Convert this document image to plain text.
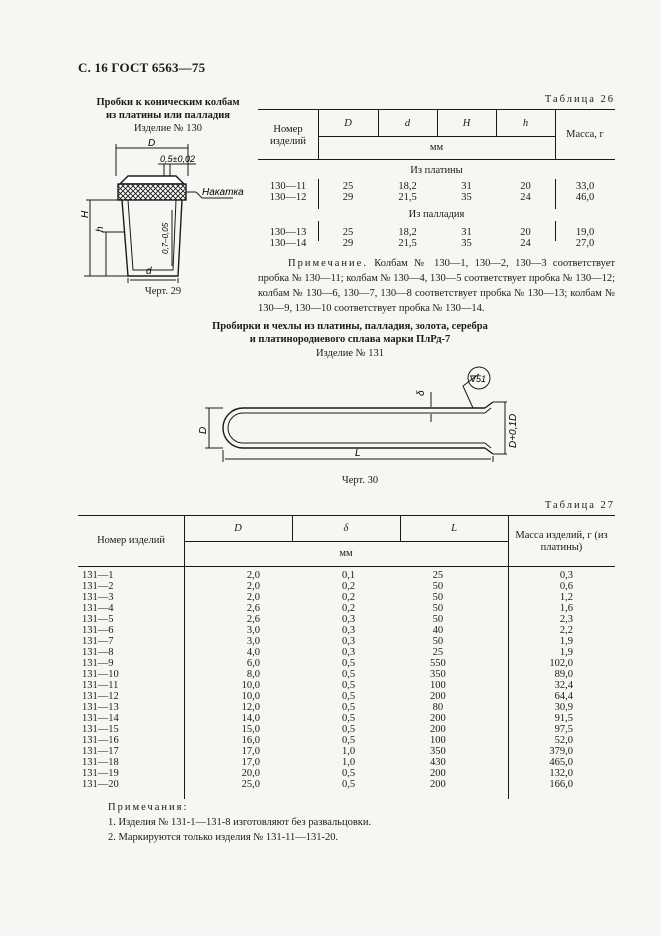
С. 16 ГОСТ 6563—75
Пробки к коническим колбам
из платины или палладия
Изделие № 130
D
0,5±0,02
Накатка
H
h	0,7–0,05
d
Черт. 29
Таблица 26
Номер изделий
D	d	H	h
мм
Масса, г
Из платины
Из палладия
130—11	25	18,2	31	20	33,0
130—12	29	21,5	35	24	46,0
130—13	25	18,2	31	20	19,0
130—14	29	21,5	35	24	27,0
Примечание. Колбам № 130—1, 130—2, 130—3 соответствует пробка № 130—11; колбам № 130—4, 130—5 соответствует пробка № 130—12; колбам № 130—6, 130—7, 130—8 соответствует пробка № 130—13; колбам № 130—9, 130—10 соответствует пробка № 130—14.
Пробирки и чехлы из платины, палладия, золота, серебра
и платинородиевого сплава марки ПлРд-7
Изделие № 131
δ
∇51
D	D+0,1D
L
Черт. 30
Таблица 27
Номер изделий
D	δ	L
мм
Масса изделий, г (из платины)
131—1	2,0	0,1	25	0,3
131—2	2,0	0,2	50	0,6
131—3	2,0	0,2	50	1,2
131—4	2,6	0,2	50	1,6
131—5	2,6	0,3	50	2,3
131—6	3,0	0,3	40	2,2
131—7	3,0	0,3	50	1,9
131—8	4,0	0,3	25	1,9
131—9	6,0	0,5	550	102,0
131—10	8,0	0,5	350	89,0
131—11	10,0	0,5	100	32,4
131—12	10,0	0,5	200	64,4
131—13	12,0	0,5	80	30,9
131—14	14,0	0,5	200	91,5
131—15	15,0	0,5	200	97,5
131—16	16,0	0,5	100	52,0
131—17	17,0	1,0	350	379,0
131—18	17,0	1,0	430	465,0
131—19	20,0	0,5	200	132,0
131—20	25,0	0,5	200	166,0
Примечания:
1. Изделия № 131-1—131-8 изготовляют без развальцовки.
2. Маркируются только изделия № 131-11—131-20.
